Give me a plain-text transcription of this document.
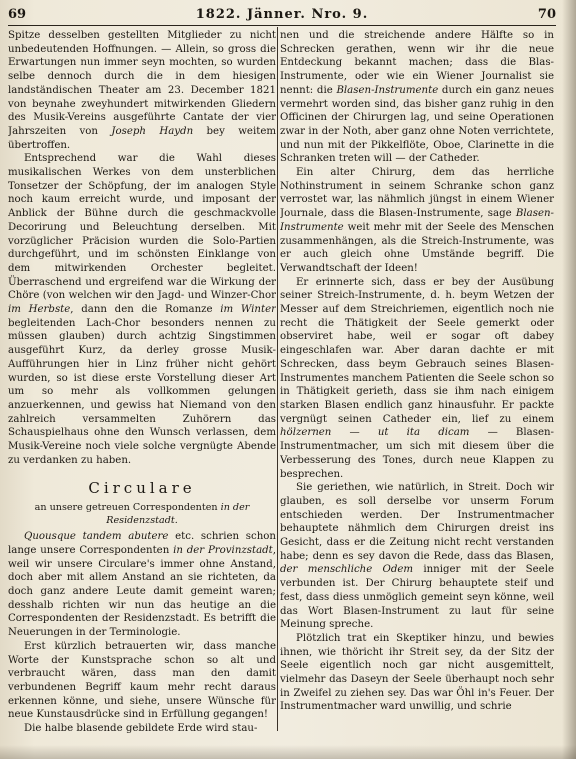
69	1822. Jänner. Nro. 9.	70

Spitze desselben gestellten Mitglieder zu nicht unbedeutenden Hoffnungen. — Allein, so gross die Erwartungen nun immer seyn mochten, so wurden selbe dennoch durch die in dem hiesigen landständischen Theater am 23. December 1821 von beynahe zweyhundert mitwirkenden Gliedern des Musik-Vereins ausgeführte Cantate der vier Jahrszeiten von Joseph Haydn bey weitem übertroffen.

Entsprechend war die Wahl dieses musikalischen Werkes von dem unsterblichen Tonsetzer der Schöpfung, der im analogen Style noch kaum erreicht wurde, und imposant der Anblick der Bühne durch die geschmackvolle Decorirung und Beleuchtung derselben. Mit vorzüglicher Präcision wurden die Solo-Partien durchgeführt, und im schönsten Einklange von dem mitwirkenden Orchester begleitet. Überraschend und ergreifend war die Wirkung der Chöre (von welchen wir den Jagd- und Winzer-Chor im Herbste, dann den die Romanze im Winter begleitenden Lach-Chor besonders nennen zu müssen glauben) durch achtzig Singstimmen ausgeführt Kurz, da derley grosse Musik-Aufführungen hier in Linz früher nicht gehört wurden, so ist diese erste Vorstellung dieser Art um so mehr als vollkommen gelungen anzuerkennen, und gewiss hat Niemand von den zahlreich versammelten Zuhörern das Schauspielhaus ohne den Wunsch verlassen, dem Musik-Vereine noch viele solche vergnügte Abende zu verdanken zu haben.

Circulare
an unsere getreuen Correspondenten in der Residenzstadt.

Quousque tandem abutere etc. schrien schon lange unsere Correspondenten in der Provinzstadt, weil wir unsere Circulare's immer ohne Anstand, doch aber mit allem Anstand an sie richteten, da doch ganz andere Leute damit gemeint waren; desshalb richten wir nun das heutige an die Correspondenten der Residenzstadt. Es betrifft die Neuerungen in der Terminologie.

Erst kürzlich betrauerten wir, dass manche Worte der Kunstsprache schon so alt und verbraucht wären, dass man den damit verbundenen Begriff kaum mehr recht daraus erkennen könne, und siehe, unsere Wünsche für neue Kunstausdrücke sind in Erfüllung gegangen!

Die halbe blasende gebildete Erde wird stau-

nen und die streichende andere Hälfte so in Schrecken gerathen, wenn wir ihr die neue Entdeckung bekannt machen; dass die Blas-Instrumente, oder wie ein Wiener Journalist sie nennt: die Blasen-Instrumente durch ein ganz neues vermehrt worden sind, das bisher ganz ruhig in den Officinen der Chirurgen lag, und seine Operationen zwar in der Noth, aber ganz ohne Noten verrichtete, und nun mit der Pikkelflöte, Oboe, Clarinette in die Schranken treten will — der Catheder.

Ein alter Chirurg, dem das herrliche Nothinstrument in seinem Schranke schon ganz verrostet war, las nähmlich jüngst in einem Wiener Journale, dass die Blasen-Instrumente, sage Blasen-Instrumente weit mehr mit der Seele des Menschen zusammenhängen, als die Streich-Instrumente, was er auch gleich ohne Umstände begriff. Die Verwandtschaft der Ideen!

Er erinnerte sich, dass er bey der Ausübung seiner Streich-Instrumente, d. h. beym Wetzen der Messer auf dem Streichriemen, eigentlich noch nie recht die Thätigkeit der Seele gemerkt oder observiret habe, weil er sogar oft dabey eingeschlafen war. Aber daran dachte er mit Schrecken, dass beym Gebrauch seines Blasen-Instrumentes manchem Patienten die Seele schon so in Thätigkeit gerieth, dass sie ihm nach einigem starken Blasen endlich ganz hinausfuhr. Er packte vergnügt seinen Catheder ein, lief zu einem hölzernen — ut ita dicam — Blasen-Instrumentmacher, um sich mit diesem über die Verbesserung des Tones, durch neue Klappen zu besprechen.

Sie geriethen, wie natürlich, in Streit. Doch wir glauben, es soll derselbe vor unserm Forum entschieden werden. Der Instrumentmacher behauptete nähmlich dem Chirurgen dreist ins Gesicht, dass er die Zeitung nicht recht verstanden habe; denn es sey davon die Rede, dass das Blasen, der menschliche Odem inniger mit der Seele verbunden ist. Der Chirurg behauptete steif und fest, dass diess unmöglich gemeint seyn könne, weil das Wort Blasen-Instrument zu laut für seine Meinung spreche.

Plötzlich trat ein Skeptiker hinzu, und bewies ihnen, wie thöricht ihr Streit sey, da der Sitz der Seele eigentlich noch gar nicht ausgemittelt, vielmehr das Daseyn der Seele überhaupt noch sehr in Zweifel zu ziehen sey. Das war Öhl in's Feuer. Der Instrumentmacher ward unwillig, und schrie
